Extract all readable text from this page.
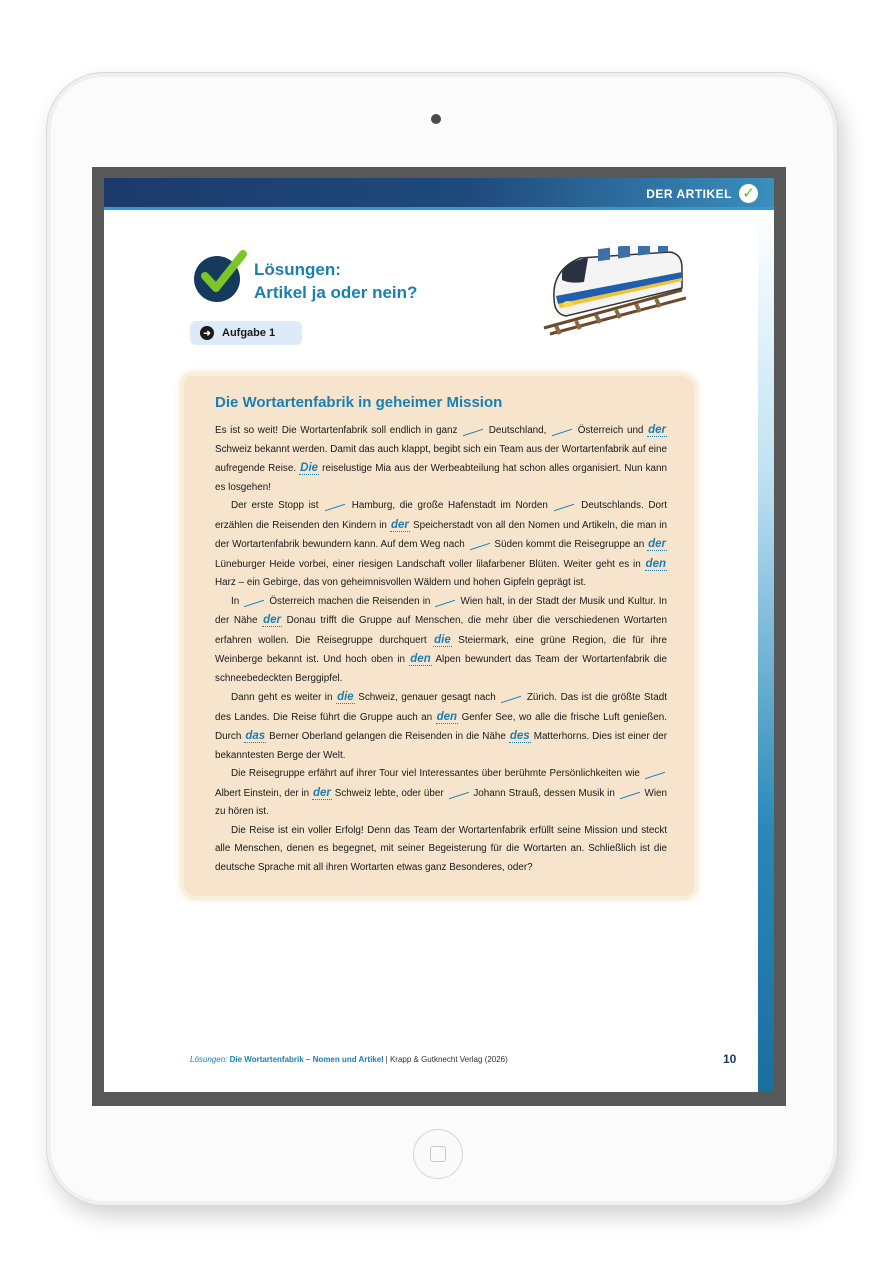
DER ARTIKEL ✓
Lösungen:
Artikel ja oder nein?
➜ Aufgabe 1
Die Wortartenfabrik in geheimer Mission

Es ist so weit! Die Wortartenfabrik soll endlich in ganz  Deutschland,  Österreich und der Schweiz bekannt werden. Damit das auch klappt, begibt sich ein Team aus der Wortartenfabrik auf eine aufregende Reise. Die reiselustige Mia aus der Werbeabteilung hat schon alles organisiert. Nun kann es losgehen!

Der erste Stopp ist  Hamburg, die große Hafenstadt im Norden  Deutschlands. Dort erzählen die Reisenden den Kindern in der Speicherstadt von all den Nomen und Artikeln, die man in der Wortartenfabrik bewundern kann. Auf dem Weg nach  Süden kommt die Reisegruppe an der Lüneburger Heide vorbei, einer riesigen Landschaft voller lilafarbener Blüten. Weiter geht es in den Harz – ein Gebirge, das von geheimnisvollen Wäldern und hohen Gipfeln geprägt ist.

In  Österreich machen die Reisenden in  Wien halt, in der Stadt der Musik und Kultur. In der Nähe der Donau trifft die Gruppe auf Menschen, die mehr über die verschiedenen Wortarten erfahren wollen. Die Reisegruppe durchquert die Steiermark, eine grüne Region, die für ihre Weinberge bekannt ist. Und hoch oben in den Alpen bewundert das Team der Wortartenfabrik die schneebedeckten Berggipfel.

Dann geht es weiter in die Schweiz, genauer gesagt nach  Zürich. Das ist die größte Stadt des Landes. Die Reise führt die Gruppe auch an den Genfer See, wo alle die frische Luft genießen. Durch das Berner Oberland gelangen die Reisenden in die Nähe des Matterhorns. Dies ist einer der bekanntesten Berge der Welt.

Die Reisegruppe erfährt auf ihrer Tour viel Interessantes über berühmte Persönlichkeiten wie  Albert Einstein, der in der Schweiz lebte, oder über  Johann Strauß, dessen Musik in  Wien zu hören ist.

Die Reise ist ein voller Erfolg! Denn das Team der Wortartenfabrik erfüllt seine Mission und steckt alle Menschen, denen es begegnet, mit seiner Begeisterung für die Wortarten an. Schließlich ist die deutsche Sprache mit all ihren Wortarten etwas ganz Besonderes, oder?

Lösungen: Die Wortartenfabrik – Nomen und Artikel | Krapp & Gutknecht Verlag (2026)	10
